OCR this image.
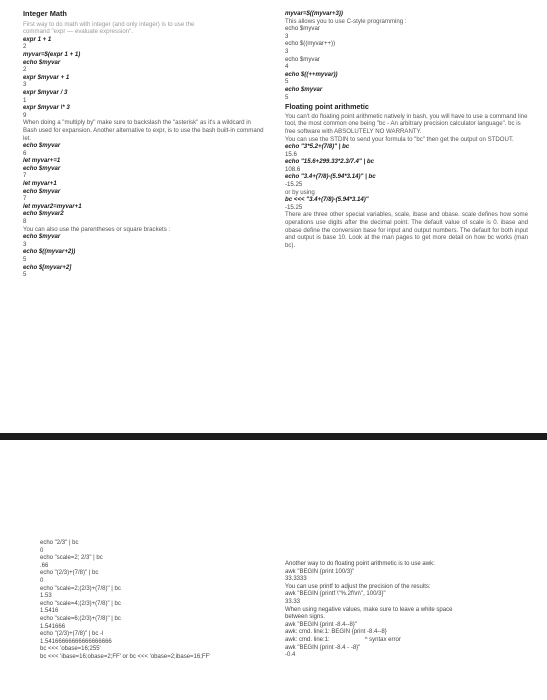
Integer Math
First way to do math with integer (and only integer) is to use the
command "expr — evaluate expression".
expr 1 + 1
2
myvar=$(expr 1 + 1)
echo $myvar
2
expr $myvar + 1
3
expr $myvar / 3
1
expr $myvar \* 3
9
When doing a "multiply by" make sure to backslash the "asterisk" as it's a wildcard in Bash used for expansion. Another alternative to expr, is to use the bash built-in command let.
echo $myvar
6
let myvar+=1
echo $myvar
7
let myvar+1
echo $myvar
7
let myvar2=myvar+1
echo $myvar2
8
You can also use the parentheses or square brackets :
echo $myvar
3
echo $((myvar+2))
5
echo $[myvar+2]
5
myvar=$((myvar+3))
This allows you to use C-style programming :
echo $myvar
3
echo $((myvar++))
3
echo $myvar
4
echo $((++myvar))
5
echo $myvar
5
Floating point arithmetic
You can't do floating point arithmetic natively in bash, you will have to use a command line tool, the most common one being "bc - An arbitrary precision calculator language". bc is free software with ABSOLUTELY NO WARRANTY.
You can use the STDIN to send your formula to "bc" then get the output on STDOUT.
echo "3*5.2+(7/8)" | bc
15.6
echo "15.6+299.33*2.3/7.4" | bc
108.6
echo "3.4+(7/8)-(5.94*3.14)" | bc
-15.25
or by using
bc <<< "3.4+(7/8)-(5.94*3.14)"
-15.25
There are three other special variables, scale, ibase and obase. scale defines how some operations use digits after the decimal point. The default value of scale is 0. ibase and obase define the conversion base for input and output numbers. The default for both input and output is base 10. Look at the man pages to get more detail on how bc works (man bc).
echo "2/3" | bc
0
echo "scale=2; 2/3" | bc
.66
echo "(2/3)+(7/8)" | bc
0
echo "scale=2;(2/3)+(7/8)" | bc
1.53
echo "scale=4;(2/3)+(7/8)" | bc
1.5416
echo "scale=6;(2/3)+(7/8)" | bc
1.541666
echo "(2/3)+(7/8)" | bc -l
1.54166666666666666666
bc <<< 'obase=16;255'
bc <<< 'ibase=16;obase=2;FF' or bc <<< 'obase=2;ibase=16;FF'
Another way to do floating point arithmetic is to use awk:
awk "BEGIN {print 100/3}"
33.3333
You can use printf to adjust the precision of the results:
awk "BEGIN {printf \"%.2f\\n\", 100/3}"
33.33
When using negative values, make sure to leave a white space
between signs.
awk "BEGIN {print -8.4--8}"
awk: cmd. line:1: BEGIN {print -8.4--8}
awk: cmd. line:1:                     ^ syntax error
awk "BEGIN {print -8.4 - -8}"
-0.4
